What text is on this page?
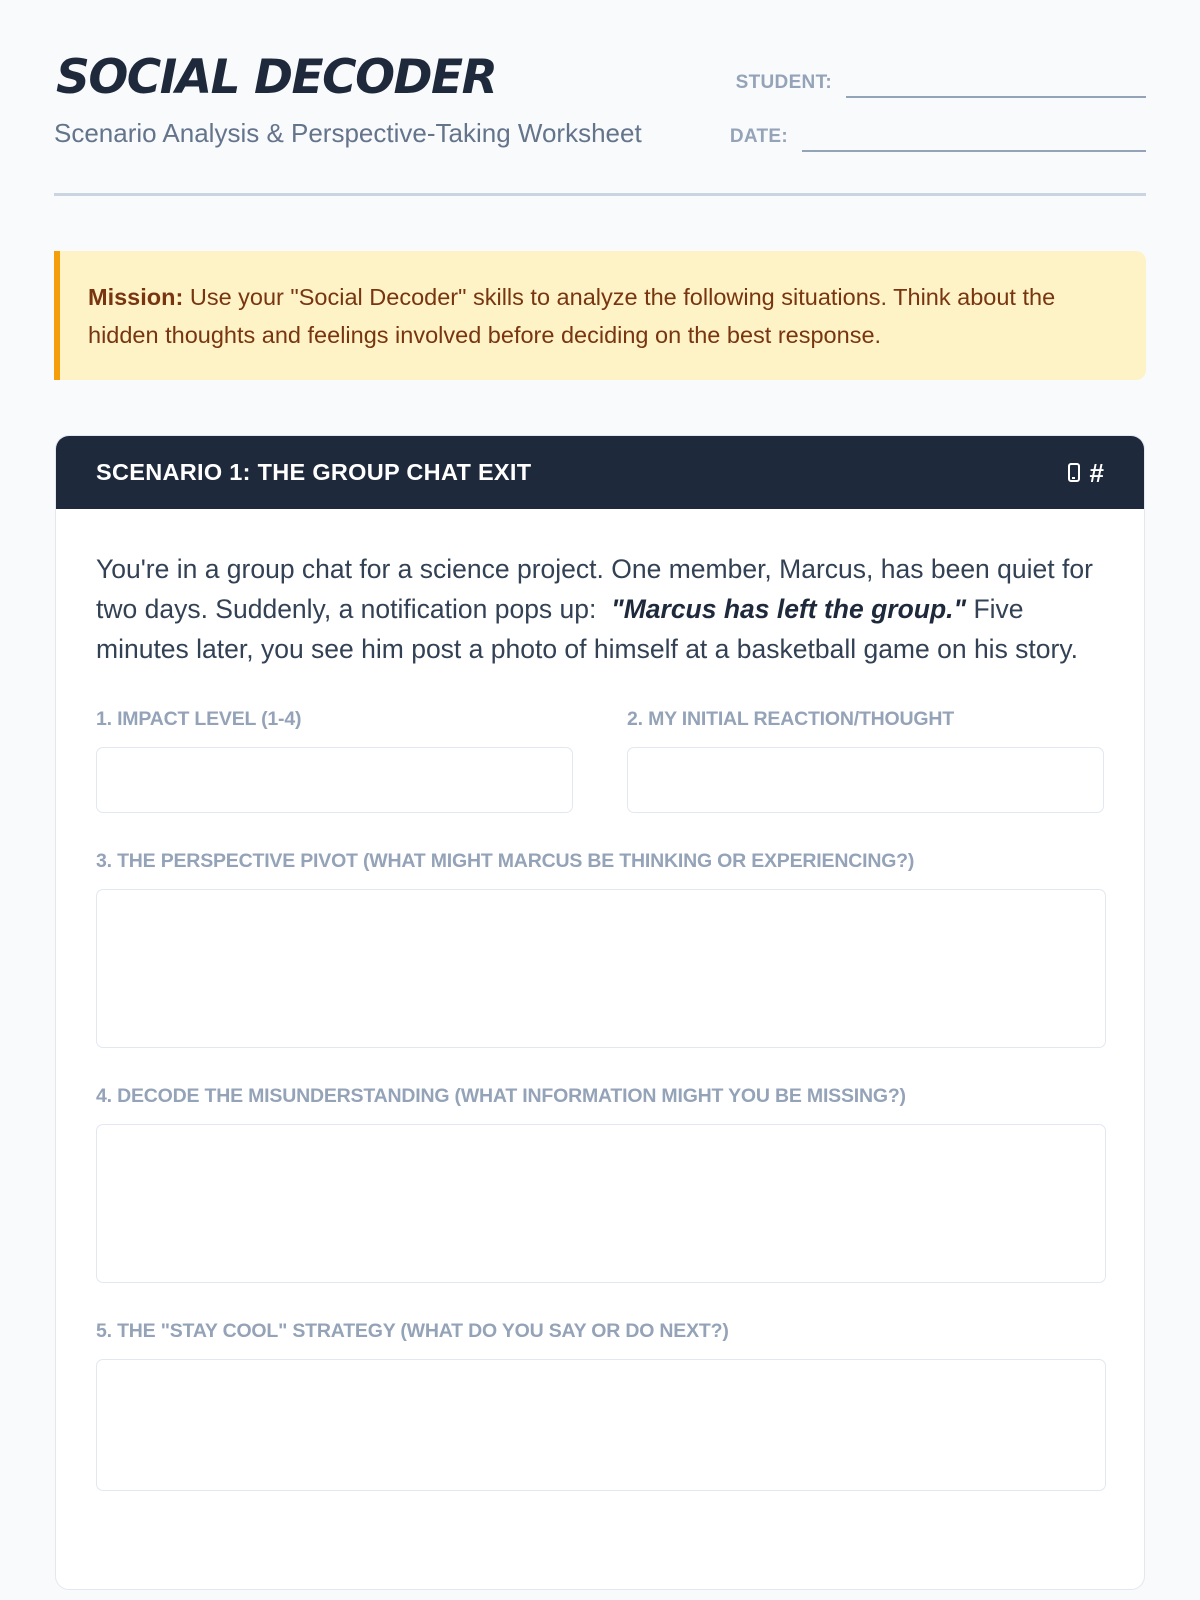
SOCIAL DECODER
Scenario Analysis & Perspective-Taking Worksheet
STUDENT:
DATE:
Mission: Use your "Social Decoder" skills to analyze the following situations. Think about the hidden thoughts and feelings involved before deciding on the best response.
SCENARIO 1: THE GROUP CHAT EXIT	#

You're in a group chat for a science project. One member, Marcus, has been quiet for two days. Suddenly, a notification pops up: "Marcus has left the group." Five minutes later, you see him post a photo of himself at a basketball game on his story.

1. IMPACT LEVEL (1-4)	2. MY INITIAL REACTION/THOUGHT
3. THE PERSPECTIVE PIVOT (WHAT MIGHT MARCUS BE THINKING OR EXPERIENCING?)
4. DECODE THE MISUNDERSTANDING (WHAT INFORMATION MIGHT YOU BE MISSING?)
5. THE "STAY COOL" STRATEGY (WHAT DO YOU SAY OR DO NEXT?)
